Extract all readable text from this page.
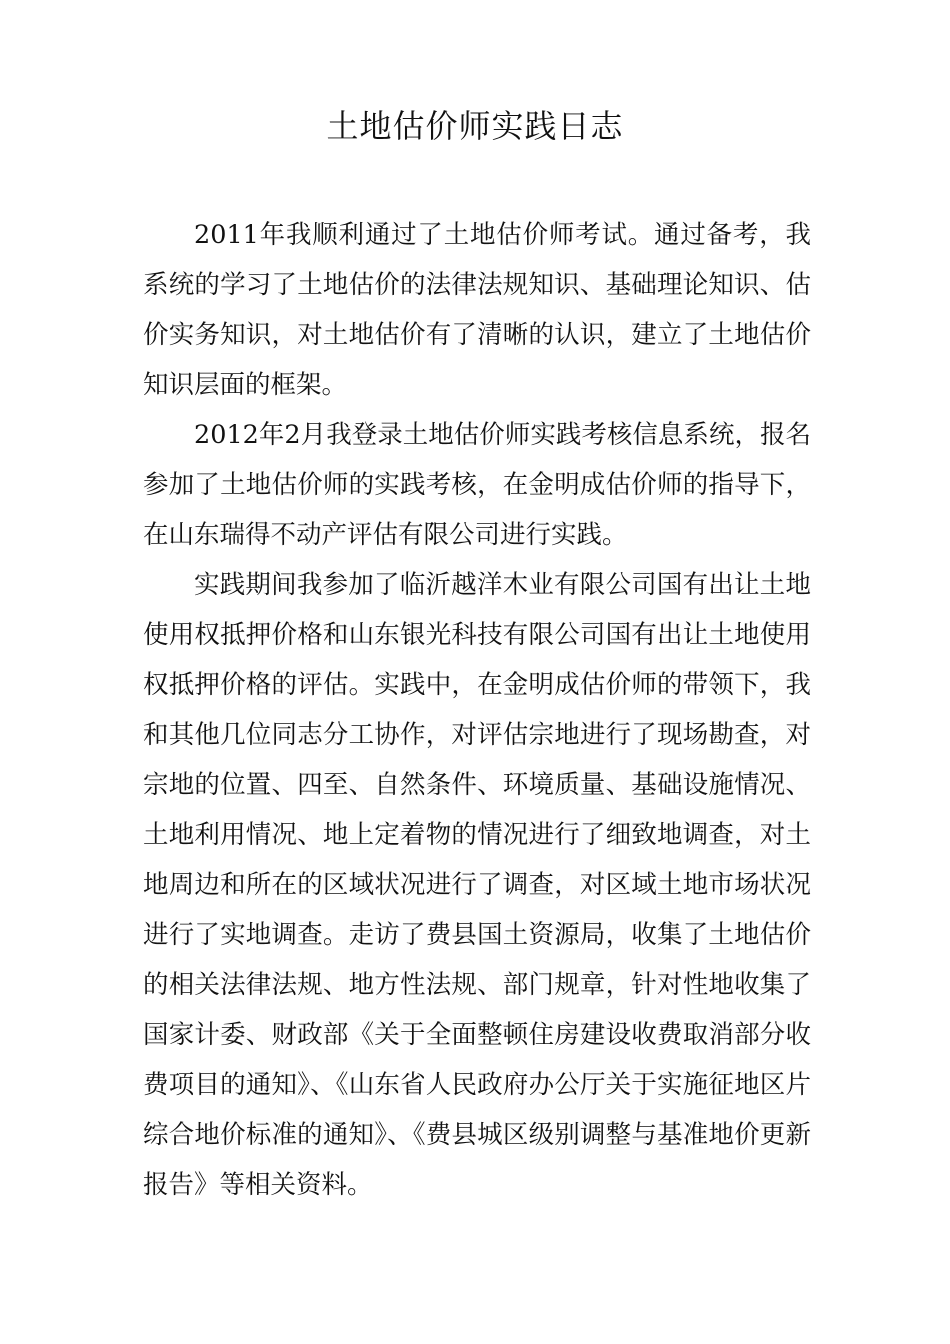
土地估价师实践日志

2011年我顺利通过了土地估价师考试。通过备考，我系统的学习了土地估价的法律法规知识、基础理论知识、估价实务知识，对土地估价有了清晰的认识，建立了土地估价知识层面的框架。

2012年2月我登录土地估价师实践考核信息系统，报名参加了土地估价师的实践考核，在金明成估价师的指导下，在山东瑞得不动产评估有限公司进行实践。

实践期间我参加了临沂越洋木业有限公司国有出让土地使用权抵押价格和山东银光科技有限公司国有出让土地使用权抵押价格的评估。实践中，在金明成估价师的带领下，我和其他几位同志分工协作，对评估宗地进行了现场勘查，对宗地的位置、四至、自然条件、环境质量、基础设施情况、土地利用情况、地上定着物的情况进行了细致地调查，对土地周边和所在的区域状况进行了调查，对区域土地市场状况进行了实地调查。走访了费县国土资源局，收集了土地估价的相关法律法规、地方性法规、部门规章，针对性地收集了国家计委、财政部《关于全面整顿住房建设收费取消部分收费项目的通知》、《山东省人民政府办公厅关于实施征地区片综合地价标准的通知》、《费县城区级别调整与基准地价更新报告》等相关资料。
